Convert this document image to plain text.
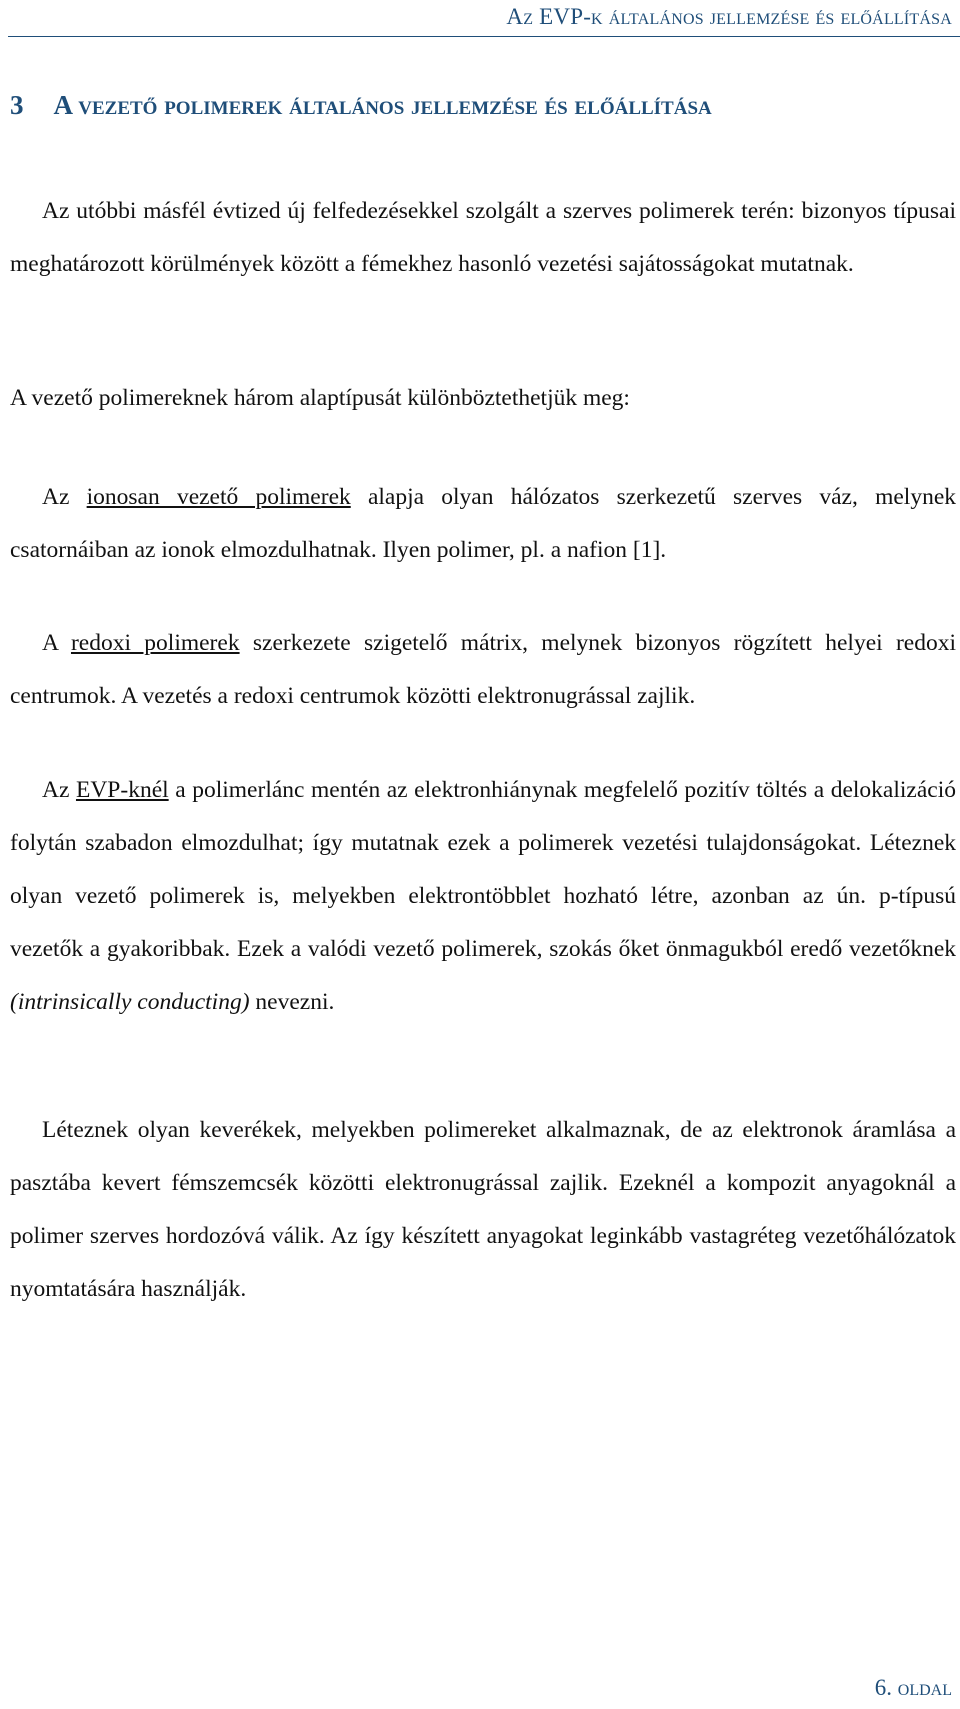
Az EVP-k általános jellemzése és előállítása
3 A vezető polimerek általános jellemzése és előállítása

Az utóbbi másfél évtized új felfedezésekkel szolgált a szerves polimerek terén: bizonyos típusai meghatározott körülmények között a fémekhez hasonló vezetési sajátosságokat mutatnak.

A vezető polimereknek három alaptípusát különböztethetjük meg:

Az ionosan vezető polimerek alapja olyan hálózatos szerkezetű szerves váz, melynek csatornáiban az ionok elmozdulhatnak. Ilyen polimer, pl. a nafion [1].

A redoxi polimerek szerkezete szigetelő mátrix, melynek bizonyos rögzített helyei redoxi centrumok. A vezetés a redoxi centrumok közötti elektronugrással zajlik.

Az EVP-knél a polimerlánc mentén az elektronhiánynak megfelelő pozitív töltés a delokalizáció folytán szabadon elmozdulhat; így mutatnak ezek a polimerek vezetési tulajdonságokat. Léteznek olyan vezető polimerek is, melyekben elektrontöbblet hozható létre, azonban az ún. p-típusú vezetők a gyakoribbak. Ezek a valódi vezető polimerek, szokás őket önmagukból eredő vezetőknek (intrinsically conducting) nevezni.

Léteznek olyan keverékek, melyekben polimereket alkalmaznak, de az elektronok áramlása a pasztába kevert fémszemcsék közötti elektronugrással zajlik. Ezeknél a kompozit anyagoknál a polimer szerves hordozóvá válik. Az így készített anyagokat leginkább vastagréteg vezetőhálózatok nyomtatására használják.

6. oldal
